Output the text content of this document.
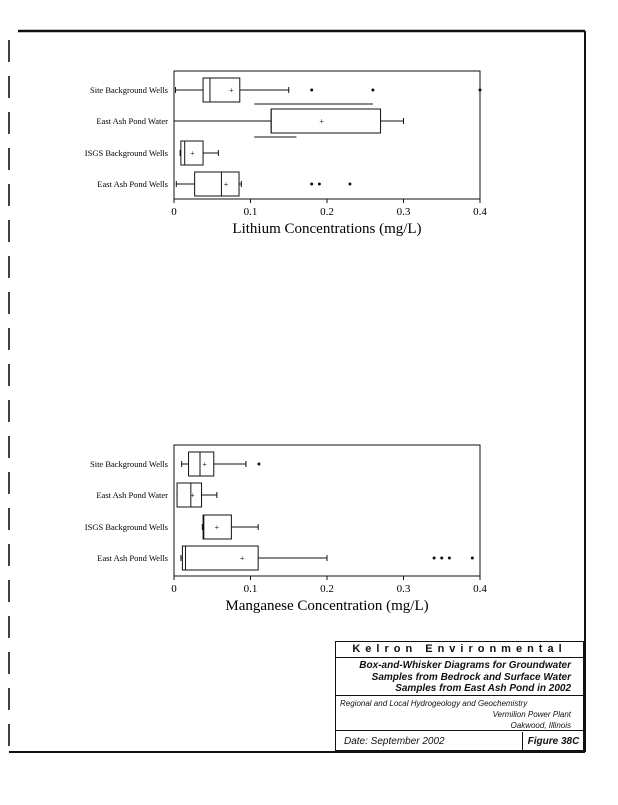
0	0.1	0.2	0.3	0.4
Lithium Concentrations (mg/L)
Site Background Wells	+
East Ash Pond Water	+
ISGS Background Wells	+
East Ash Pond Wells	+
0	0.1	0.2	0.3	0.4
Manganese Concentration (mg/L)
Site Background Wells	+
East Ash Pond Water	+
ISGS Background Wells	+
East Ash Pond Wells	+
Kelron Environmental
Box-and-Whisker Diagrams for Groundwater
Samples from Bedrock and Surface Water
Samples from East Ash Pond in 2002
Regional and Local Hydrogeology and Geochemistry
Vermilion Power Plant
Oakwood, Illinois
Date: September 2002	Figure 38C
